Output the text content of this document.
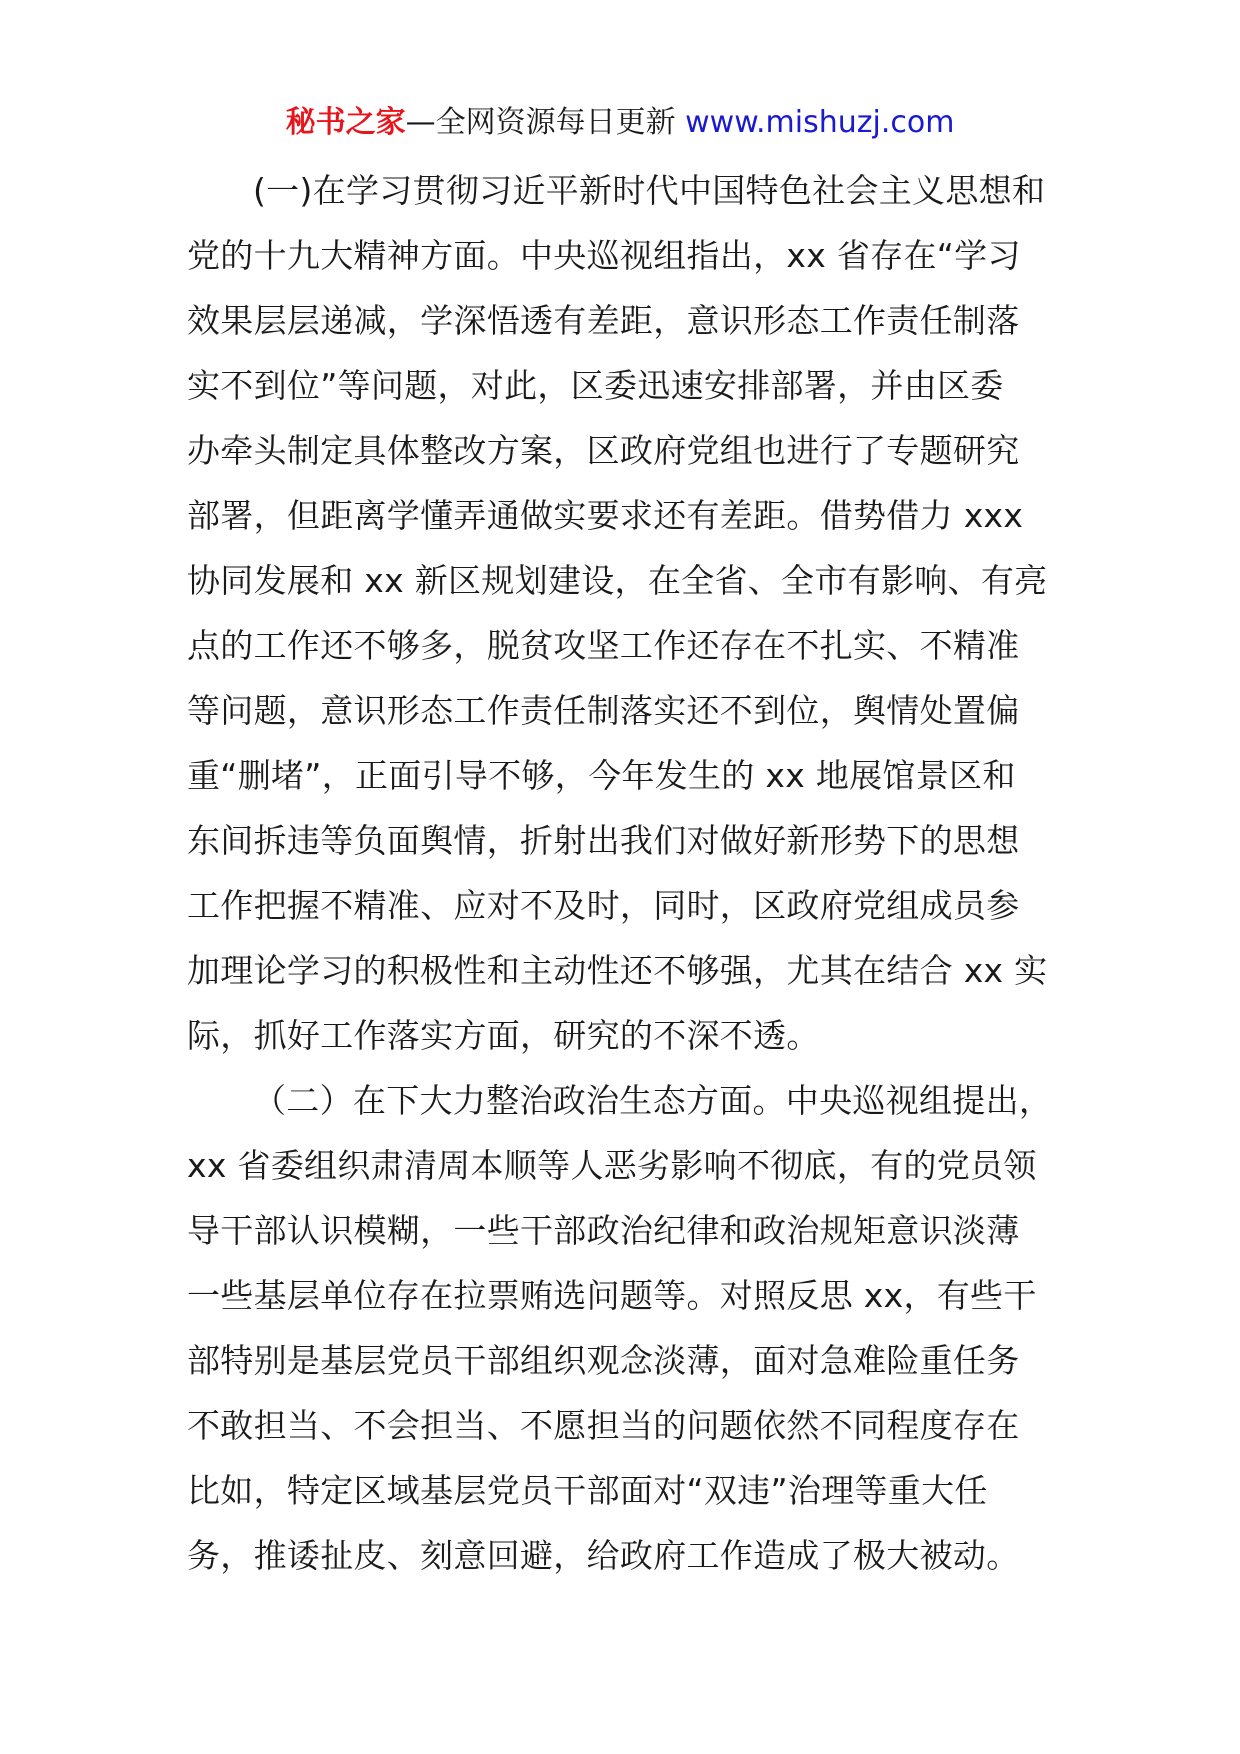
秘书之家—全网资源每日更新 www.mishuzj.com
(一)在学习贯彻习近平新时代中国特色社会主义思想和
党的十九大精神方面。中央巡视组指出，xx 省存在“学习
效果层层递减，学深悟透有差距，意识形态工作责任制落
实不到位”等问题，对此，区委迅速安排部署，并由区委
办牵头制定具体整改方案，区政府党组也进行了专题研究
部署，但距离学懂弄通做实要求还有差距。借势借力 xxx
协同发展和 xx 新区规划建设，在全省、全市有影响、有亮
点的工作还不够多，脱贫攻坚工作还存在不扎实、不精准
等问题，意识形态工作责任制落实还不到位，舆情处置偏
重“删堵”，正面引导不够，今年发生的 xx 地展馆景区和
东间拆违等负面舆情，折射出我们对做好新形势下的思想
工作把握不精准、应对不及时，同时，区政府党组成员参
加理论学习的积极性和主动性还不够强，尤其在结合 xx 实
际，抓好工作落实方面，研究的不深不透。
（二）在下大力整治政治生态方面。中央巡视组提出，
xx 省委组织肃清周本顺等人恶劣影响不彻底，有的党员领
导干部认识模糊，一些干部政治纪律和政治规矩意识淡薄
一些基层单位存在拉票贿选问题等。对照反思 xx，有些干
部特别是基层党员干部组织观念淡薄，面对急难险重任务
不敢担当、不会担当、不愿担当的问题依然不同程度存在
比如，特定区域基层党员干部面对“双违”治理等重大任
务，推诿扯皮、刻意回避，给政府工作造成了极大被动。
